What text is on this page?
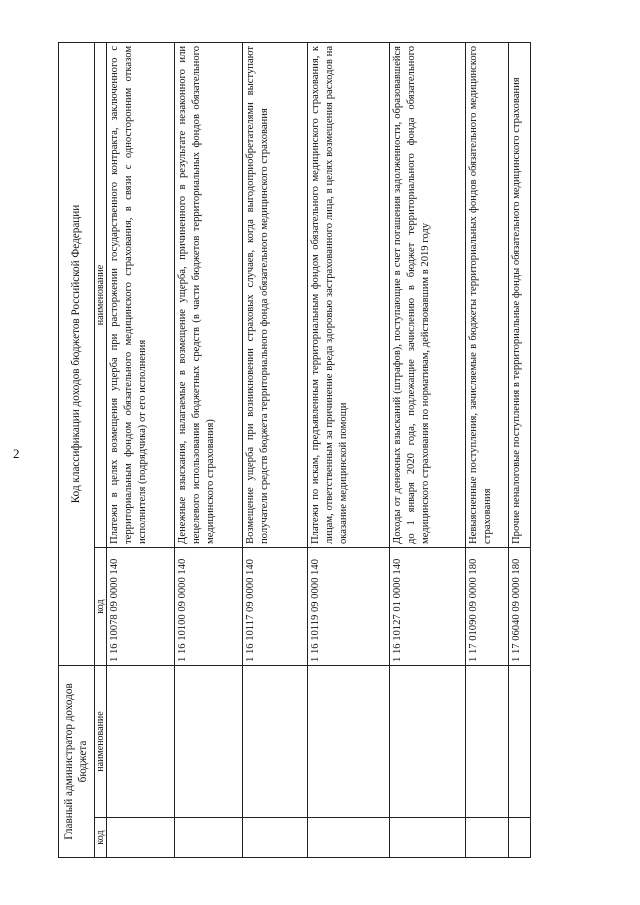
2
Главный администратор доходов бюджета		Код классификации доходов бюджетов Российской Федерации	
код	наименование	код	наименование
		1 16 10078 09 0000 140	Платежи в целях возмещения ущерба при расторжении государственного контракта, заключенного с территориальным фондом обязательного медицинского страхования, в связи с односторонним отказом исполнителя (подрядчика) от его исполнения
		1 16 10100 09 0000 140	Денежные взыскания, налагаемые в возмещение ущерба, причиненного в результате незаконного или нецелевого использования бюджетных средств (в части бюджетов территориальных фондов обязательного медицинского страхования)
		1 16 10117 09 0000 140	Возмещение ущерба при возникновении страховых случаев, когда выгодоприобретателями выступают получатели средств бюджета территориального фонда обязательного медицинского страхования
		1 16 10119 09 0000 140	Платежи по искам, предъявленным территориальным фондом обязательного медицинского страхования, к лицам, ответственным за причинение вреда здоровью застрахованного лица, в целях возмещения расходов на оказание медицинской помощи
		1 16 10127 01 0000 140	Доходы от денежных взысканий (штрафов), поступающие в счет погашения задолженности, образовавшейся до 1 января 2020 года, подлежащие зачислению в бюджет территориального фонда обязательного медицинского страхования по нормативам, действовавшим в 2019 году
		1 17 01090 09 0000 180	Невыясненные поступления, зачисляемые в бюджеты территориальных фондов обязательного медицинского страхования
		1 17 06040 09 0000 180	Прочие неналоговые поступления в территориальные фонды обязательного медицинского страхования
